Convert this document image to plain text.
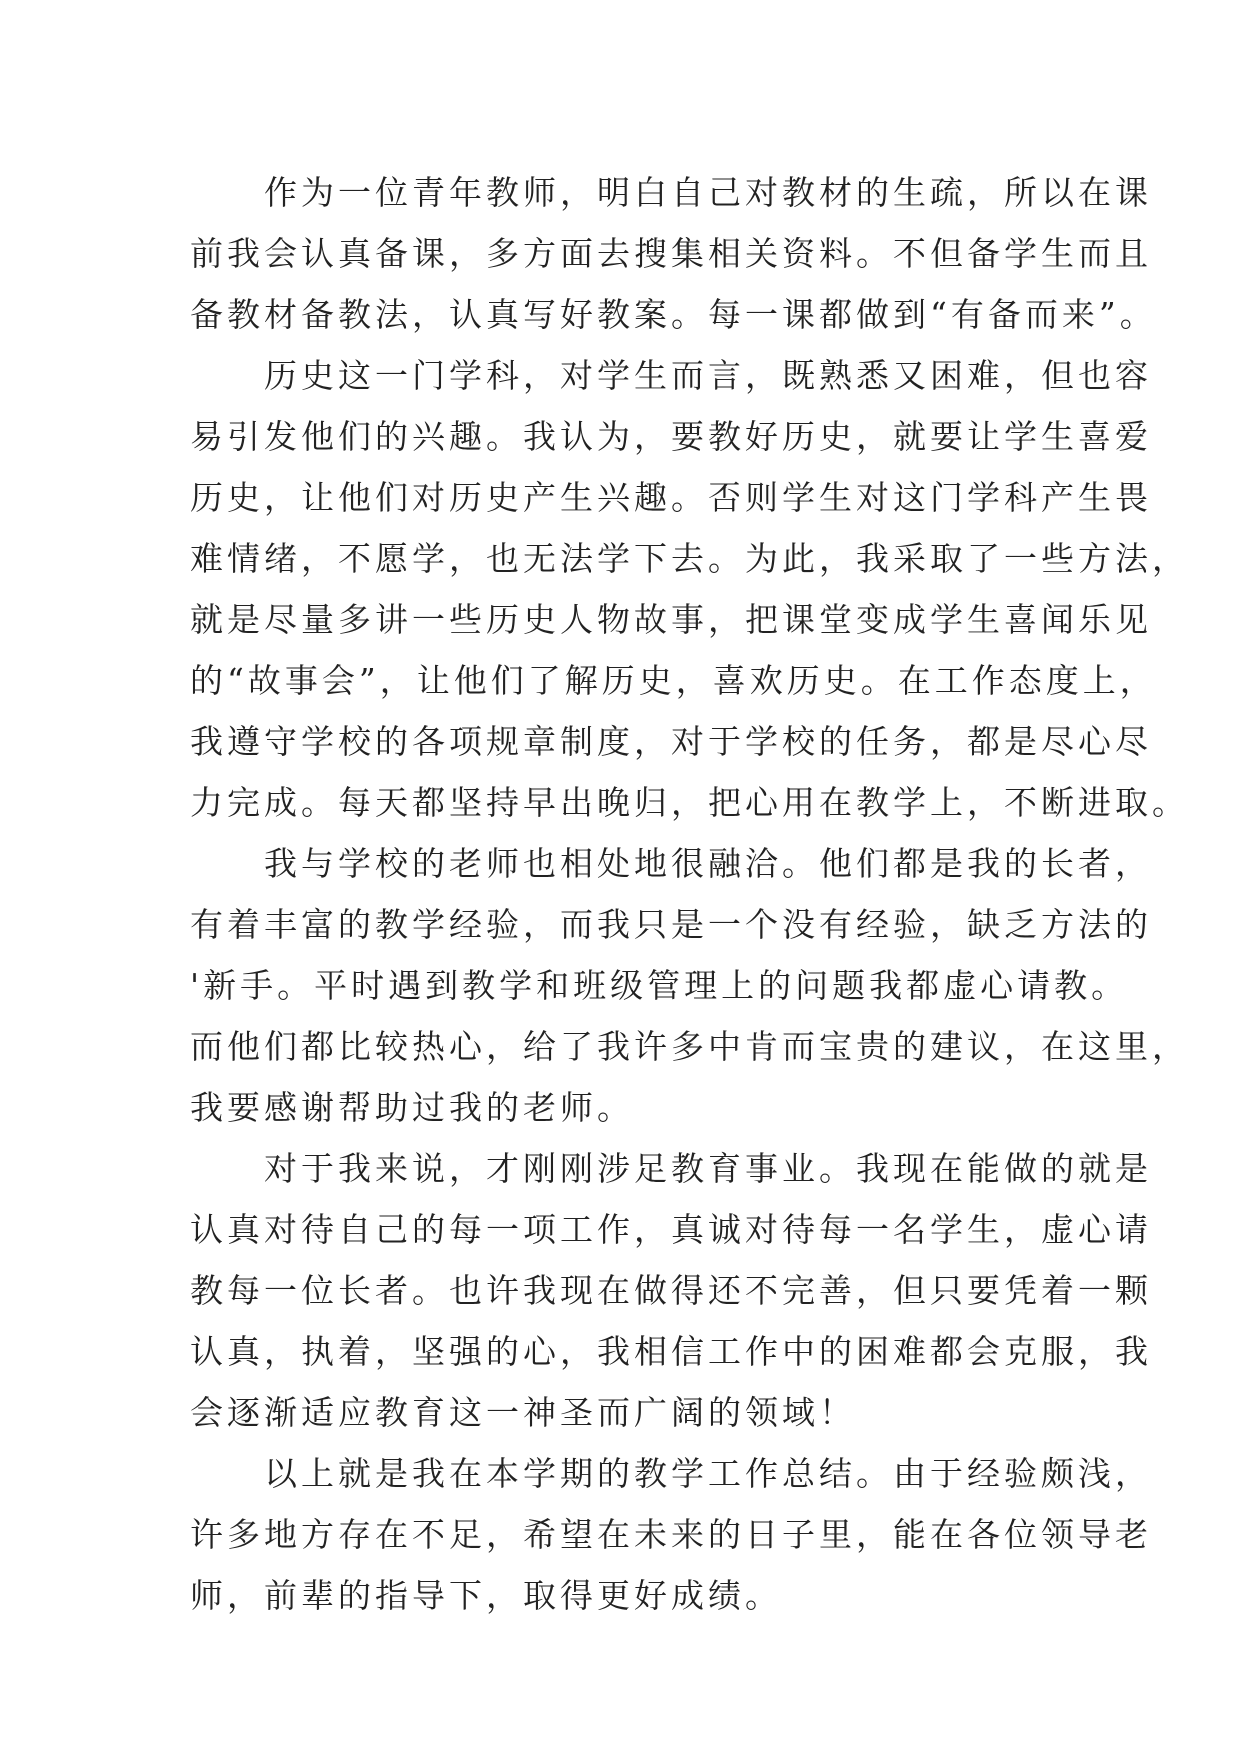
　　作为一位青年教师，明白自己对教材的生疏，所以在课
前我会认真备课，多方面去搜集相关资料。不但备学生而且
备教材备教法，认真写好教案。每一课都做到“有备而来”。
　　历史这一门学科，对学生而言，既熟悉又困难，但也容
易引发他们的兴趣。我认为，要教好历史，就要让学生喜爱
历史，让他们对历史产生兴趣。否则学生对这门学科产生畏
难情绪，不愿学，也无法学下去。为此，我采取了一些方法，
就是尽量多讲一些历史人物故事，把课堂变成学生喜闻乐见
的“故事会”，让他们了解历史，喜欢历史。在工作态度上，
我遵守学校的各项规章制度，对于学校的任务，都是尽心尽
力完成。每天都坚持早出晚归，把心用在教学上，不断进取。
　　我与学校的老师也相处地很融洽。他们都是我的长者，
有着丰富的教学经验，而我只是一个没有经验，缺乏方法的
'新手。平时遇到教学和班级管理上的问题我都虚心请教。
而他们都比较热心，给了我许多中肯而宝贵的建议，在这里，
我要感谢帮助过我的老师。
　　对于我来说，才刚刚涉足教育事业。我现在能做的就是
认真对待自己的每一项工作，真诚对待每一名学生，虚心请
教每一位长者。也许我现在做得还不完善，但只要凭着一颗
认真，执着，坚强的心，我相信工作中的困难都会克服，我
会逐渐适应教育这一神圣而广阔的领域！
　　以上就是我在本学期的教学工作总结。由于经验颇浅，
许多地方存在不足，希望在未来的日子里，能在各位领导老
师，前辈的指导下，取得更好成绩。
